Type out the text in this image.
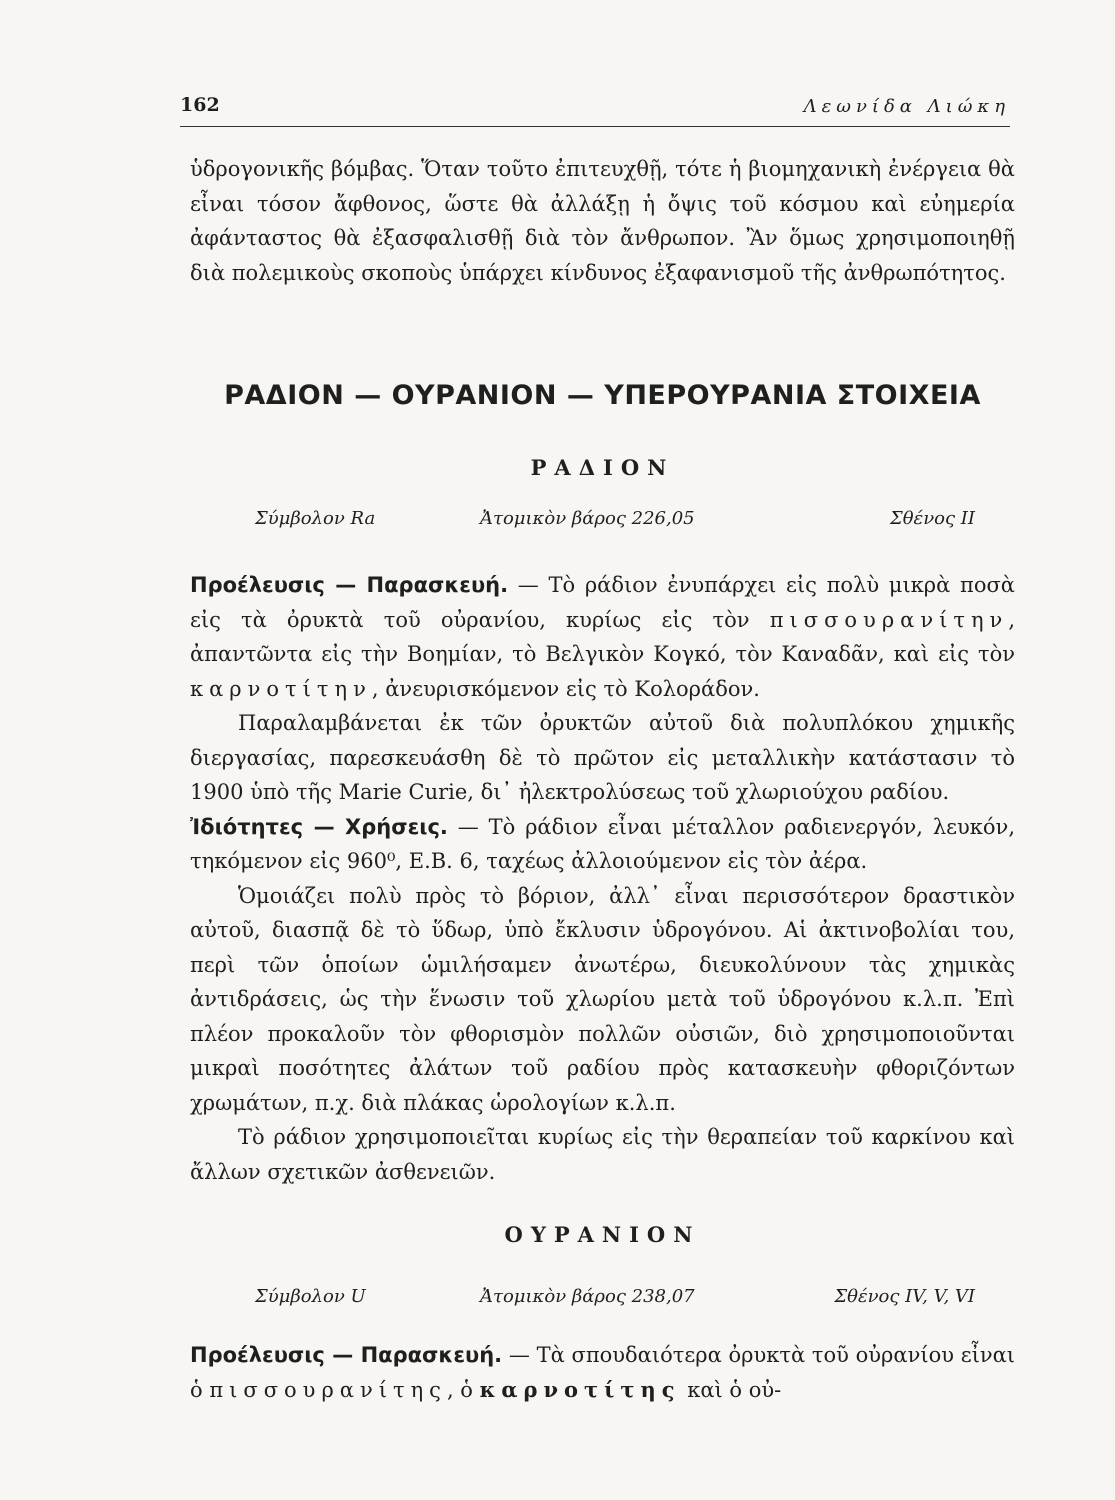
162	Λεωνίδα Λιώκη

ὑδρογονικῆς βόμβας. Ὅταν τοῦτο ἐπιτευχθῇ, τότε ἡ βιομηχανικὴ ἐνέργεια θὰ εἶναι τόσον ἄφθονος, ὥστε θὰ ἀλλάξῃ ἡ ὄψις τοῦ κόσμου καὶ εὐημερία ἀφάνταστος θὰ ἐξασφαλισθῇ διὰ τὸν ἄνθρωπον. Ἂν ὅμως χρησιμοποιηθῇ διὰ πολεμικοὺς σκοποὺς ὑπάρχει κίνδυνος ἐξαφανισμοῦ τῆς ἀνθρωπότητος.

ΡΑΔΙΟΝ — ΟΥΡΑΝΙΟΝ — ΥΠΕΡΟΥΡΑΝΙΑ ΣΤΟΙΧΕΙΑ
ΡΑΔΙΟΝ
Σύμβολον Ra	Ἀτομικὸν βάρος 226,05	Σθένος II

Προέλευσις — Παρασκευή. — Τὸ ράδιον ἐνυπάρχει εἰς πολὺ μικρὰ ποσὰ εἰς τὰ ὀρυκτὰ τοῦ οὐρανίου, κυρίως εἰς τὸν πισσουρανίτην, ἀπαντῶντα εἰς τὴν Βοημίαν, τὸ Βελγικὸν Κογκό, τὸν Καναδᾶν, καὶ εἰς τὸν καρνοτίτην, ἀνευρισκόμενον εἰς τὸ Κολοράδον.

Παραλαμβάνεται ἐκ τῶν ὀρυκτῶν αὐτοῦ διὰ πολυπλόκου χημικῆς διεργασίας, παρεσκευάσθη δὲ τὸ πρῶτον εἰς μεταλλικὴν κατάστασιν τὸ 1900 ὑπὸ τῆς Marie Curie, δι᾽ ἠλεκτρολύσεως τοῦ χλωριούχου ραδίου.

Ἰδιότητες — Χρήσεις. — Τὸ ράδιον εἶναι μέταλλον ραδιενεργόν, λευκόν, τηκόμενον εἰς 960⁰, Ε.Β. 6, ταχέως ἀλλοιούμενον εἰς τὸν ἀέρα.

Ὁμοιάζει πολὺ πρὸς τὸ βόριον, ἀλλ᾽ εἶναι περισσότερον δραστικὸν αὐτοῦ, διασπᾷ δὲ τὸ ὕδωρ, ὑπὸ ἔκλυσιν ὑδρογόνου. Αἱ ἀκτινοβολίαι του, περὶ τῶν ὁποίων ὡμιλήσαμεν ἀνωτέρω, διευκολύνουν τὰς χημικὰς ἀντιδράσεις, ὡς τὴν ἕνωσιν τοῦ χλωρίου μετὰ τοῦ ὑδρογόνου κ.λ.π. Ἐπὶ πλέον προκαλοῦν τὸν φθορισμὸν πολλῶν οὐσιῶν, διὸ χρησιμοποιοῦνται μικραὶ ποσότητες ἀλάτων τοῦ ραδίου πρὸς κατασκευὴν φθοριζόντων χρωμάτων, π.χ. διὰ πλάκας ὡρολογίων κ.λ.π.

Τὸ ράδιον χρησιμοποιεῖται κυρίως εἰς τὴν θεραπείαν τοῦ καρκίνου καὶ ἄλλων σχετικῶν ἀσθενειῶν.

ΟΥΡΑΝΙΟΝ
Σύμβολον U	Ἀτομικὸν βάρος 238,07	Σθένος IV, V, VI

Προέλευσις — Παρασκευή. — Τὰ σπουδαιότερα ὀρυκτὰ τοῦ οὐρανίου εἶναι ὁ πισσουρανίτης, ὁ καρνοτίτης καὶ ὁ οὐ-
